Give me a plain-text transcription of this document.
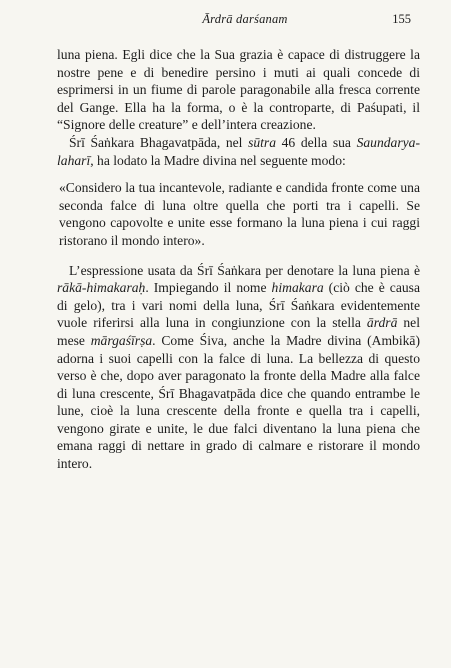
Ārdrā darśanam	155

luna piena. Egli dice che la Sua grazia è capace di distruggere la nostre pene e di benedire persino i muti ai quali concede di esprimersi in un fiume di parole paragonabile alla fresca corrente del Gange. Ella ha la forma, o è la controparte, di Paśupati, il “Signore delle creature” e dell’intera creazione.

Śrī Śaṅkara Bhagavatpāda, nel sūtra 46 della sua Saundarya-laharī, ha lodato la Madre divina nel seguente modo:

«Considero la tua incantevole, radiante e candida fronte come una seconda falce di luna oltre quella che porti tra i capelli. Se vengono capovolte e unite esse formano la luna piena i cui raggi ristorano il mondo intero».

L’espressione usata da Śrī Śaṅkara per denotare la luna piena è rākā-himakaraḥ. Impiegando il nome himakara (ciò che è causa di gelo), tra i vari nomi della luna, Śrī Śaṅkara evidentemente vuole riferirsi alla luna in congiunzione con la stella ārdrā nel mese mārgaśīrṣa. Come Śiva, anche la Madre divina (Ambikā) adorna i suoi capelli con la falce di luna. La bellezza di questo verso è che, dopo aver paragonato la fronte della Madre alla falce di luna crescente, Śrī Bhagavatpāda dice che quando entrambe le lune, cioè la luna crescente della fronte e quella tra i capelli, vengono girate e unite, le due falci diventano la luna piena che emana raggi di nettare in grado di calmare e ristorare il mondo intero.
